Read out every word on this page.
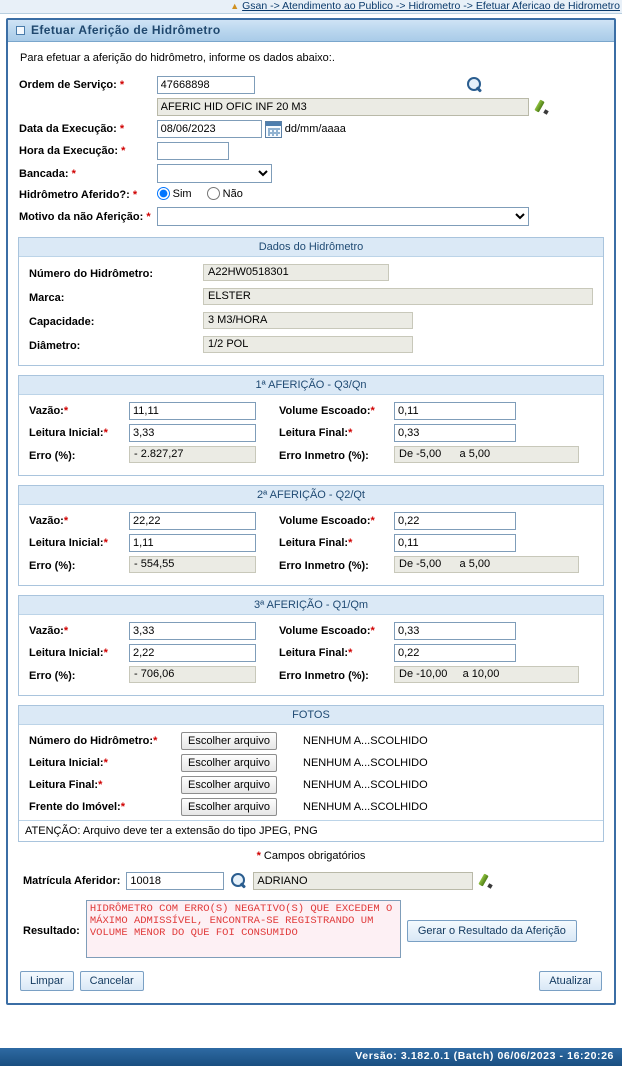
▲ Gsan -> Atendimento ao Publico -> Hidrometro -> Efetuar Afericao de Hidrometro
Efetuar Aferição de Hidrômetro
Para efetuar a aferição do hidrômetro, informe os dados abaixo:.
Ordem de Serviço: *	47668898		
	AFERIC HID OFIC INF 20 M3	
Data da Execução: *	08/06/2023dd/mm/aaaa	
Hora da Execução: *		
Bancada: *	

Hidrômetro Aferido?: *	Sim
Não		

Motivo da não Aferição: *	
Dados do Hidrômetro
Número do Hidrômetro:	A22HW0518301
Marca:	ELSTER
Capacidade:	3 M3/HORA
Diâmetro:	1/2 POL
1ª AFERIÇÃO - Q3/Qn
Vazão:*	11,11	Volume Escoado:*	0,11
Leitura Inicial:*	3,33	Leitura Final:*	0,33
Erro (%):	- 2.827,27	Erro Inmetro (%):	De -5,00 a 5,00
2ª AFERIÇÃO - Q2/Qt
Vazão:*	22,22	Volume Escoado:*	0,22
Leitura Inicial:*	1,11	Leitura Final:*	0,11
Erro (%):	- 554,55	Erro Inmetro (%):	De -5,00 a 5,00
3ª AFERIÇÃO - Q1/Qm
Vazão:*	3,33	Volume Escoado:*	0,33
Leitura Inicial:*	2,22	Leitura Final:*	0,22
Erro (%):	- 706,06	Erro Inmetro (%):	De -10,00 a 10,00
FOTOS
Número do Hidrômetro:*	Escolher arquivo	NENHUM A...SCOLHIDO
Leitura Inicial:*	Escolher arquivo	NENHUM A...SCOLHIDO
Leitura Final:*	Escolher arquivo	NENHUM A...SCOLHIDO
Frente do Imóvel:*	Escolher arquivo	NENHUM A...SCOLHIDO
ATENÇÃO: Arquivo deve ter a extensão do tipo JPEG, PNG
* Campos obrigatórios
Matrícula Aferidor:	10018		ADRIANO	
Resultado:	HIDRÔMETRO COM ERRO(S) NEGATIVO(S) QUE EXCEDEM O MÁXIMO ADMISSÍVEL, ENCONTRA-SE REGISTRANDO UM VOLUME MENOR DO QUE FOI CONSUMIDO	Gerar o Resultado da Aferição
Limpar	Cancelar	Atualizar
Versão: 3.182.0.1 (Batch) 06/06/2023 - 16:20:26
